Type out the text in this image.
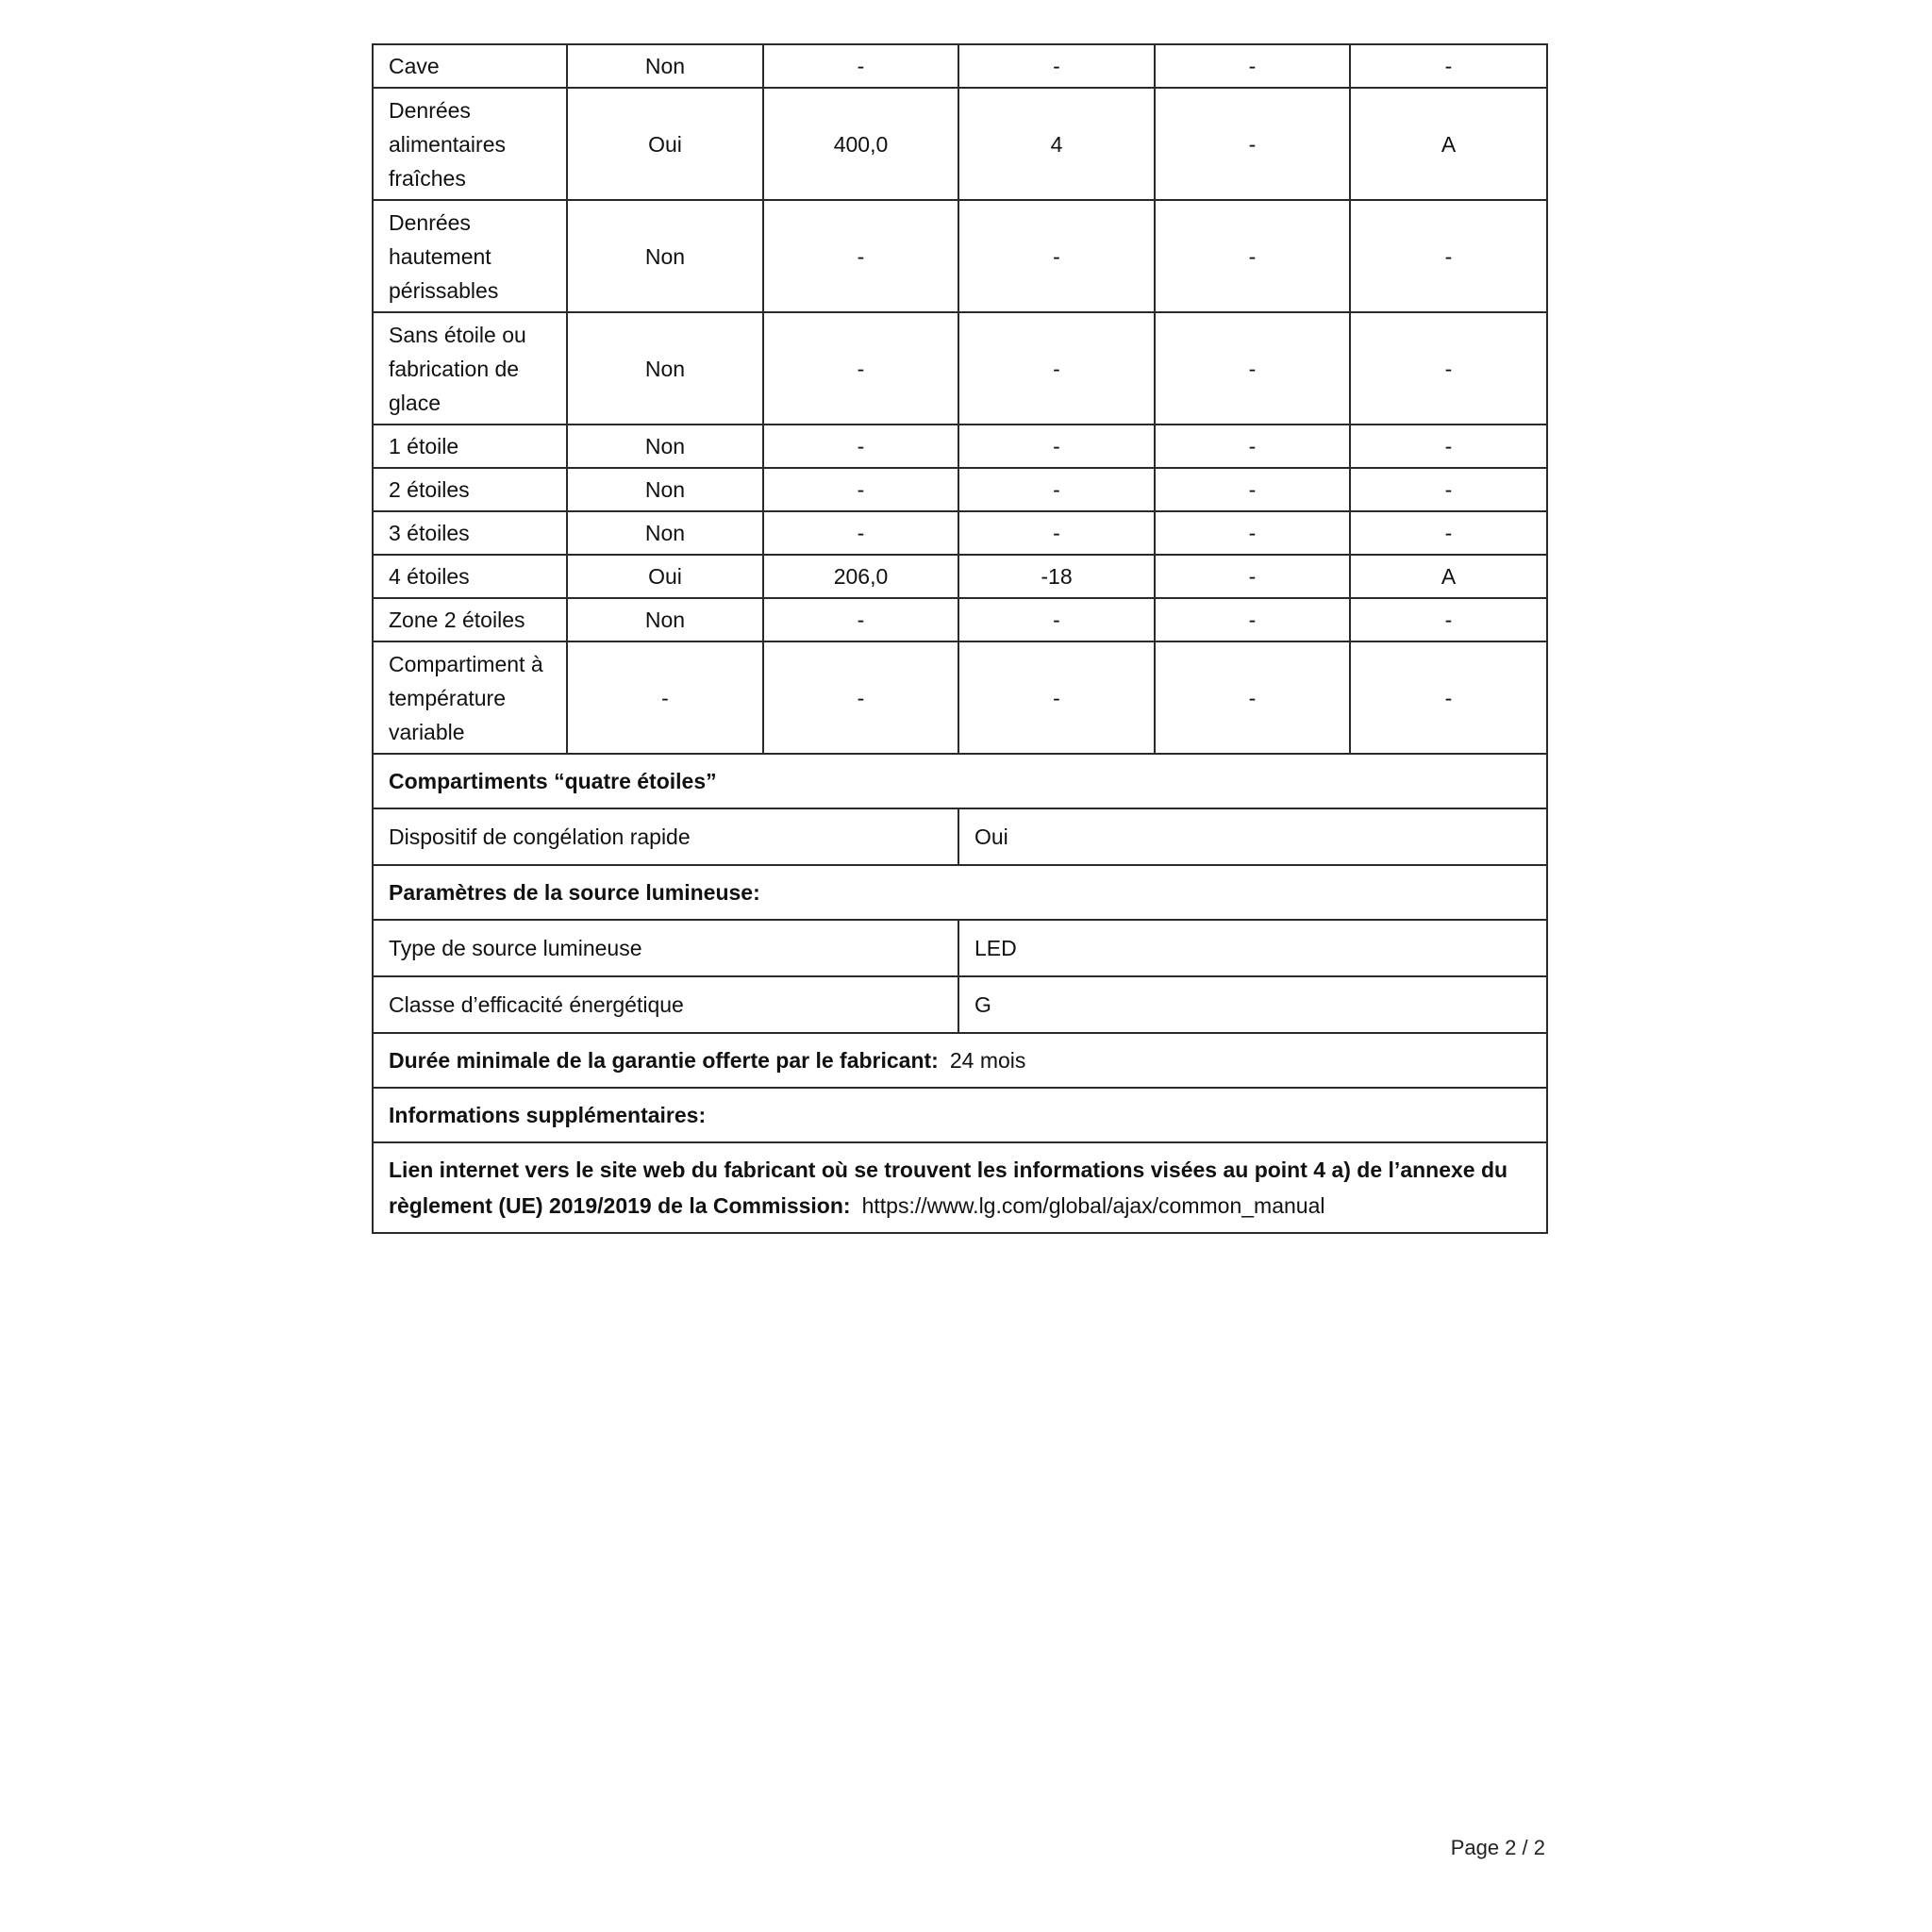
Cave	Non	-	-	-	-
Denrées alimentaires fraîches	Oui	400,0	4	-	A
Denrées hautement périssables	Non	-	-	-	-
Sans étoile ou fabrication de glace	Non	-	-	-	-
1 étoile	Non	-	-	-	-
2 étoiles	Non	-	-	-	-
3 étoiles	Non	-	-	-	-
4 étoiles	Oui	206,0	-18	-	A
Zone 2 étoiles	Non	-	-	-	-
Compartiment à température variable	-	-	-	-	-
Compartiments “quatre étoiles”					
Dispositif de congélation rapide			Oui		
Paramètres de la source lumineuse:					
Type de source lumineuse			LED		
Classe d’efficacité énergétique			G		
Durée minimale de la garantie offerte par le fabricant: 24 mois					
Informations supplémentaires:					
Lien internet vers le site web du fabricant où se trouvent les informations visées au point 4 a) de l’annexe du règlement (UE) 2019/2019 de la Commission: https://www.lg.com/global/ajax/common_manual					
Page 2 / 2
